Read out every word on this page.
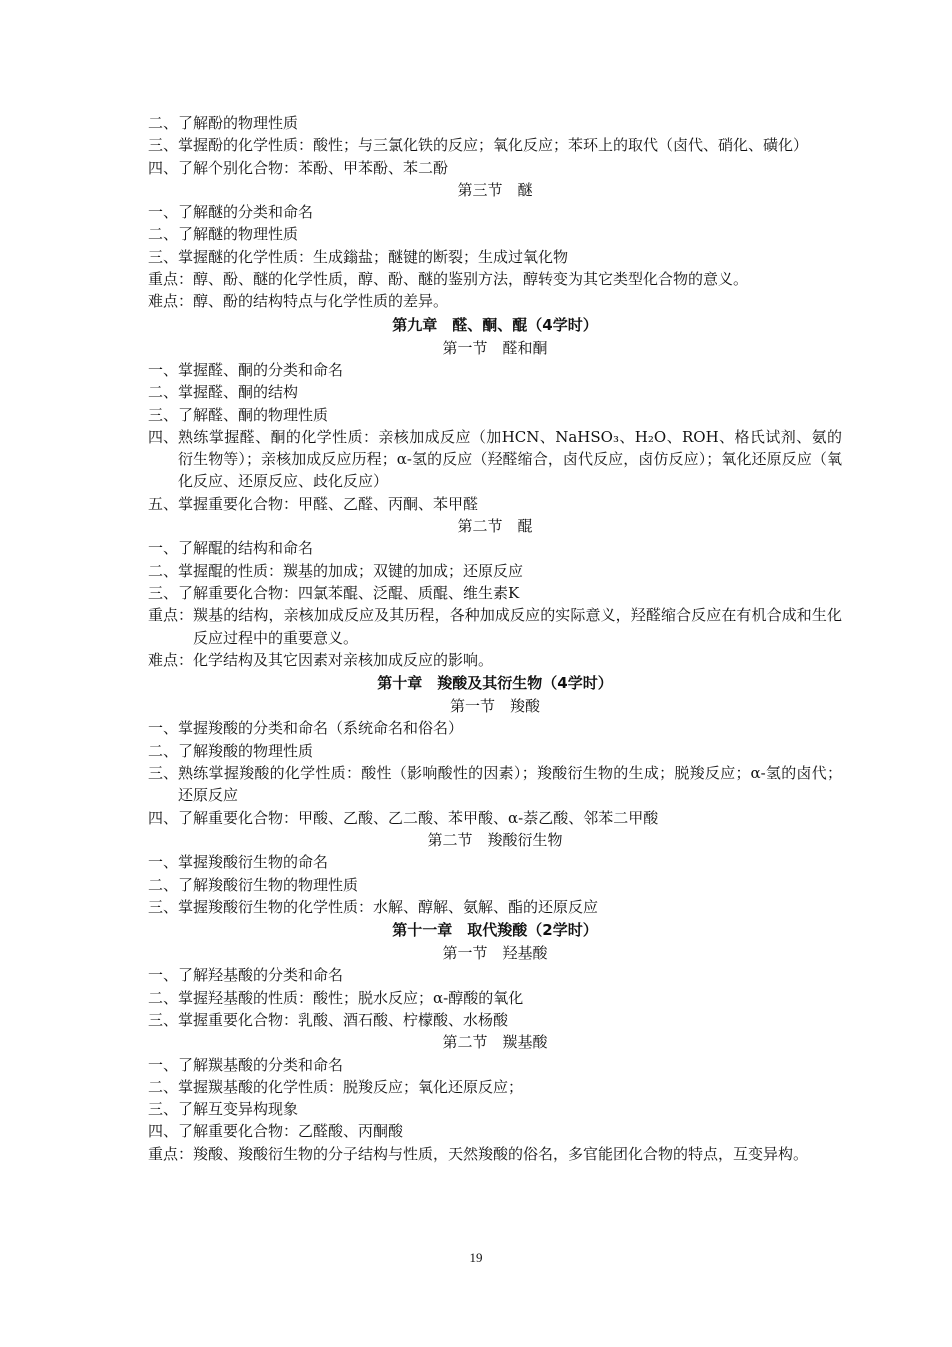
二、 了解酚的物理性质
三、 掌握酚的化学性质：酸性；与三氯化铁的反应；氧化反应；苯环上的取代（卤代、硝化、磺化）
四、 了解个别化合物：苯酚、甲苯酚、苯二酚
第三节　醚
一、 了解醚的分类和命名
二、 了解醚的物理性质
三、 掌握醚的化学性质：生成鎓盐；醚键的断裂；生成过氧化物
重点： 醇、酚、醚的化学性质，醇、酚、醚的鉴别方法，醇转变为其它类型化合物的意义。
难点： 醇、酚的结构特点与化学性质的差异。
第九章　醛、酮、醌（4学时）
第一节　醛和酮
一、 掌握醛、酮的分类和命名
二、 掌握醛、酮的结构
三、 了解醛、酮的物理性质
四、 熟练掌握醛、酮的化学性质：亲核加成反应（加HCN、NaHSO₃、H₂O、ROH、格氏试剂、氨的衍生物等）；亲核加成反应历程；α-氢的反应（羟醛缩合，卤代反应，卤仿反应）；氧化还原反应（氧化反应、还原反应、歧化反应）
五、 掌握重要化合物：甲醛、乙醛、丙酮、苯甲醛
第二节　醌
一、 了解醌的结构和命名
二、 掌握醌的性质：羰基的加成；双键的加成；还原反应
三、 了解重要化合物：四氯苯醌、泛醌、质醌、维生素K
重点： 羰基的结构，亲核加成反应及其历程，各种加成反应的实际意义，羟醛缩合反应在有机合成和生化反应过程中的重要意义。
难点： 化学结构及其它因素对亲核加成反应的影响。
第十章　羧酸及其衍生物（4学时）
第一节　羧酸
一、 掌握羧酸的分类和命名（系统命名和俗名）
二、 了解羧酸的物理性质
三、 熟练掌握羧酸的化学性质：酸性（影响酸性的因素）；羧酸衍生物的生成；脱羧反应；α-氢的卤代；还原反应
四、 了解重要化合物：甲酸、乙酸、乙二酸、苯甲酸、α-萘乙酸、邻苯二甲酸
第二节　羧酸衍生物
一、 掌握羧酸衍生物的命名
二、 了解羧酸衍生物的物理性质
三、 掌握羧酸衍生物的化学性质：水解、醇解、氨解、酯的还原反应
第十一章　取代羧酸（2学时）
第一节　羟基酸
一、 了解羟基酸的分类和命名
二、 掌握羟基酸的性质：酸性；脱水反应；α-醇酸的氧化
三、 掌握重要化合物：乳酸、酒石酸、柠檬酸、水杨酸
第二节　羰基酸
一、 了解羰基酸的分类和命名
二、 掌握羰基酸的化学性质：脱羧反应；氧化还原反应；
三、 了解互变异构现象
四、 了解重要化合物：乙醛酸、丙酮酸
重点： 羧酸、羧酸衍生物的分子结构与性质，天然羧酸的俗名，多官能团化合物的特点，互变异构。
19
